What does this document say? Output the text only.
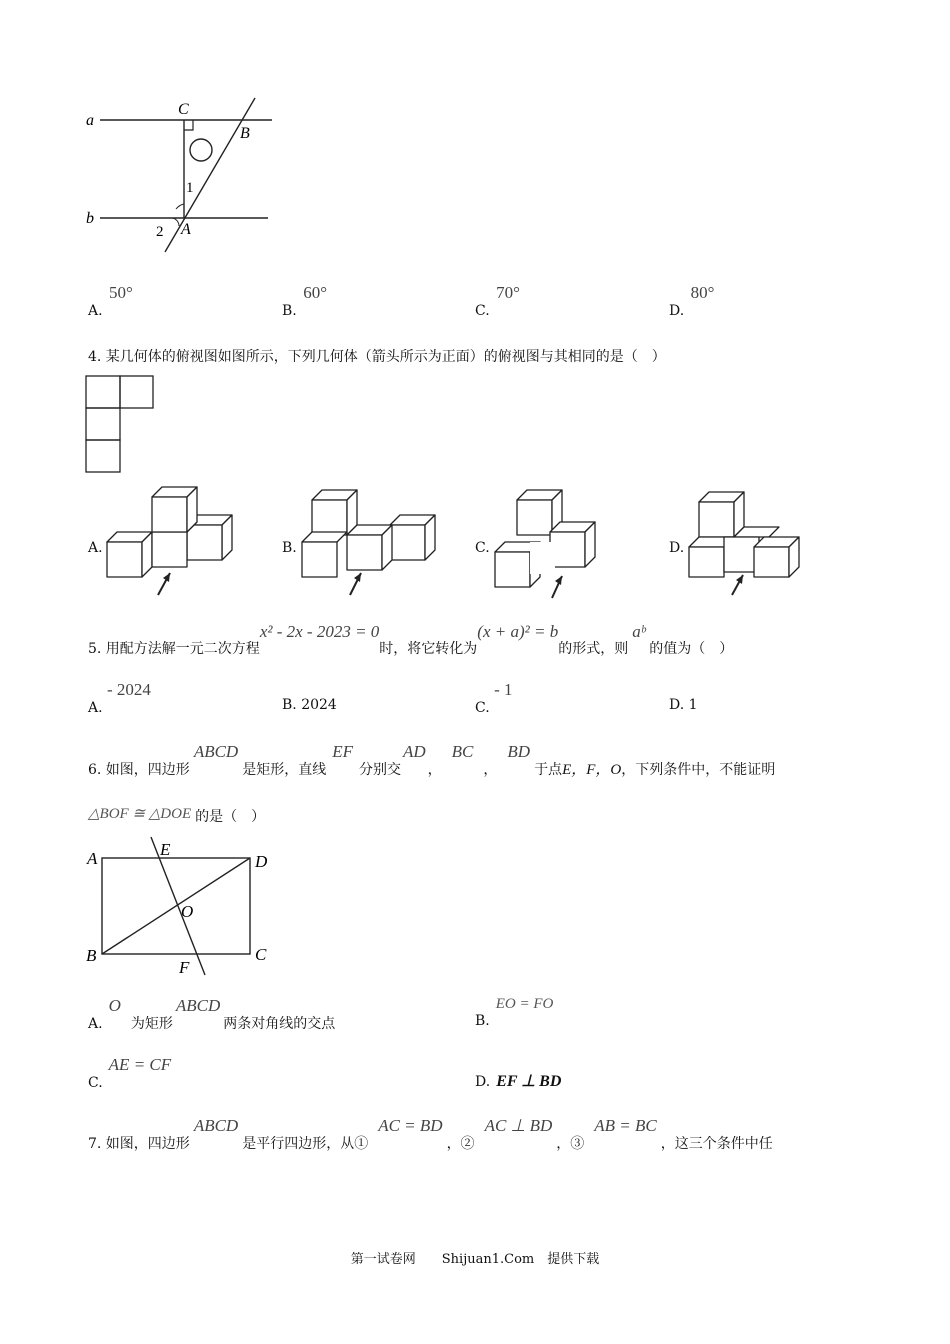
a
b
C
B
A
1
2
A. 50°
B. 60°
C. 70°
D. 80°
4. 某几何体的俯视图如图所示，下列几何体（箭头所示为正面）的俯视图与其相同的是（　）
A.	B.	C.	D.
5. 用配方法解一元二次方程x² - 2x - 2023 = 0时，将它转化为(x + a)² = b的形式，则aᵇ的值为（　）
A. - 2024
B. 2024	C. - 1
D. 1
6. 如图，四边形ABCD是矩形，直线EF分别交AD，BC，BD于点E，F，O，下列条件中，不能证明
△BOF ≅ △DOE 的是（　）
A	E
D
O
B
F
C
A.O为矩形ABCD两条对角线的交点	B.EO = FO
C.AE = CF
D. EF ⊥ BD
7. 如图，四边形ABCD是平行四边形，从①AC = BD，②AC ⊥ BD，③AB = BC，这三个条件中任
第一试卷网　　Shijuan1.Com　提供下载
